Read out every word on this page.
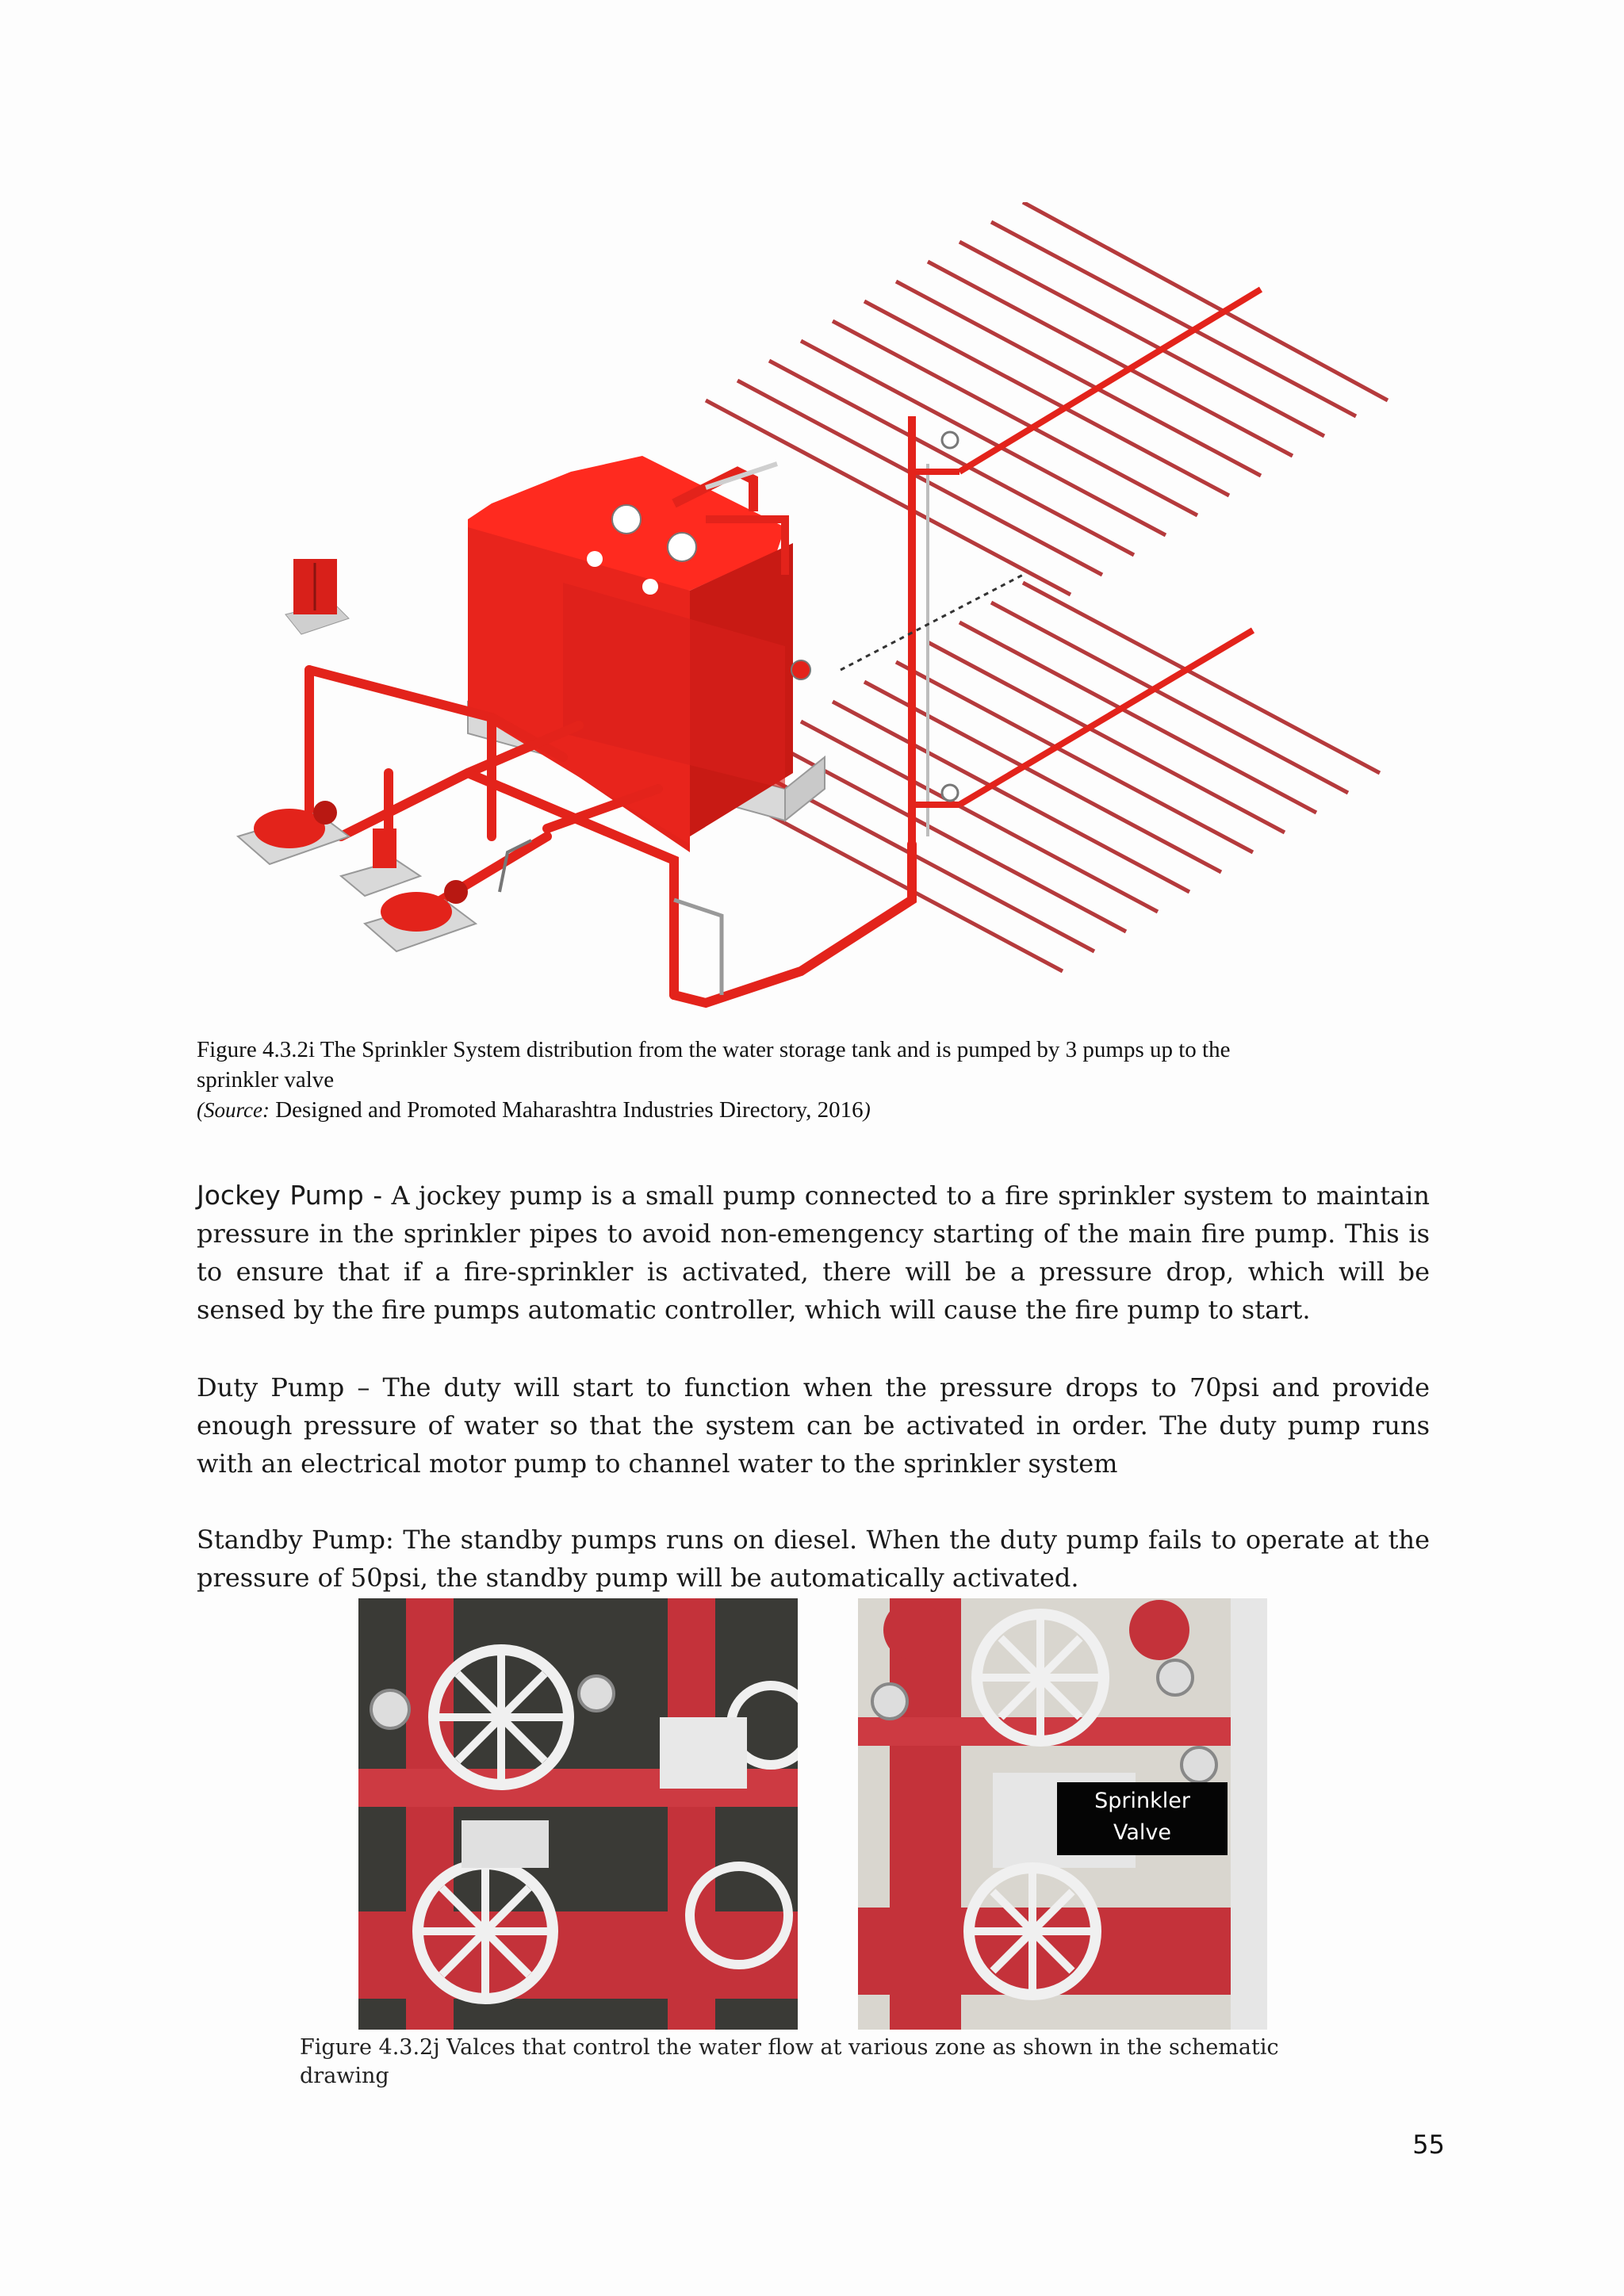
Figure 4.3.2i The Sprinkler System distribution from the water storage tank and is pumped by 3 pumps up to the
sprinkler valve
(Source: Designed and Promoted Maharashtra Industries Directory, 2016)
Jockey Pump - A jockey pump is a small pump connected to a fire sprinkler system to maintain pressure in the sprinkler pipes to avoid non-emengency starting of the main fire pump. This is to ensure that if a fire-sprinkler is activated, there will be a pressure drop, which will be sensed by the fire pumps automatic controller, which will cause the fire pump to start.
Duty Pump – The duty will start to function when the pressure drops to 70psi and provide enough pressure of water so that the system can be activated in order. The duty pump runs with an electrical motor pump to channel water to the sprinkler system
Standby Pump: The standby pumps runs on diesel. When the duty pump fails to operate at the pressure of 50psi, the standby pump will be automatically activated.
Sprinkler
Valve
Figure 4.3.2j Valces that control the water flow at various zone as shown in the schematic drawing
55
